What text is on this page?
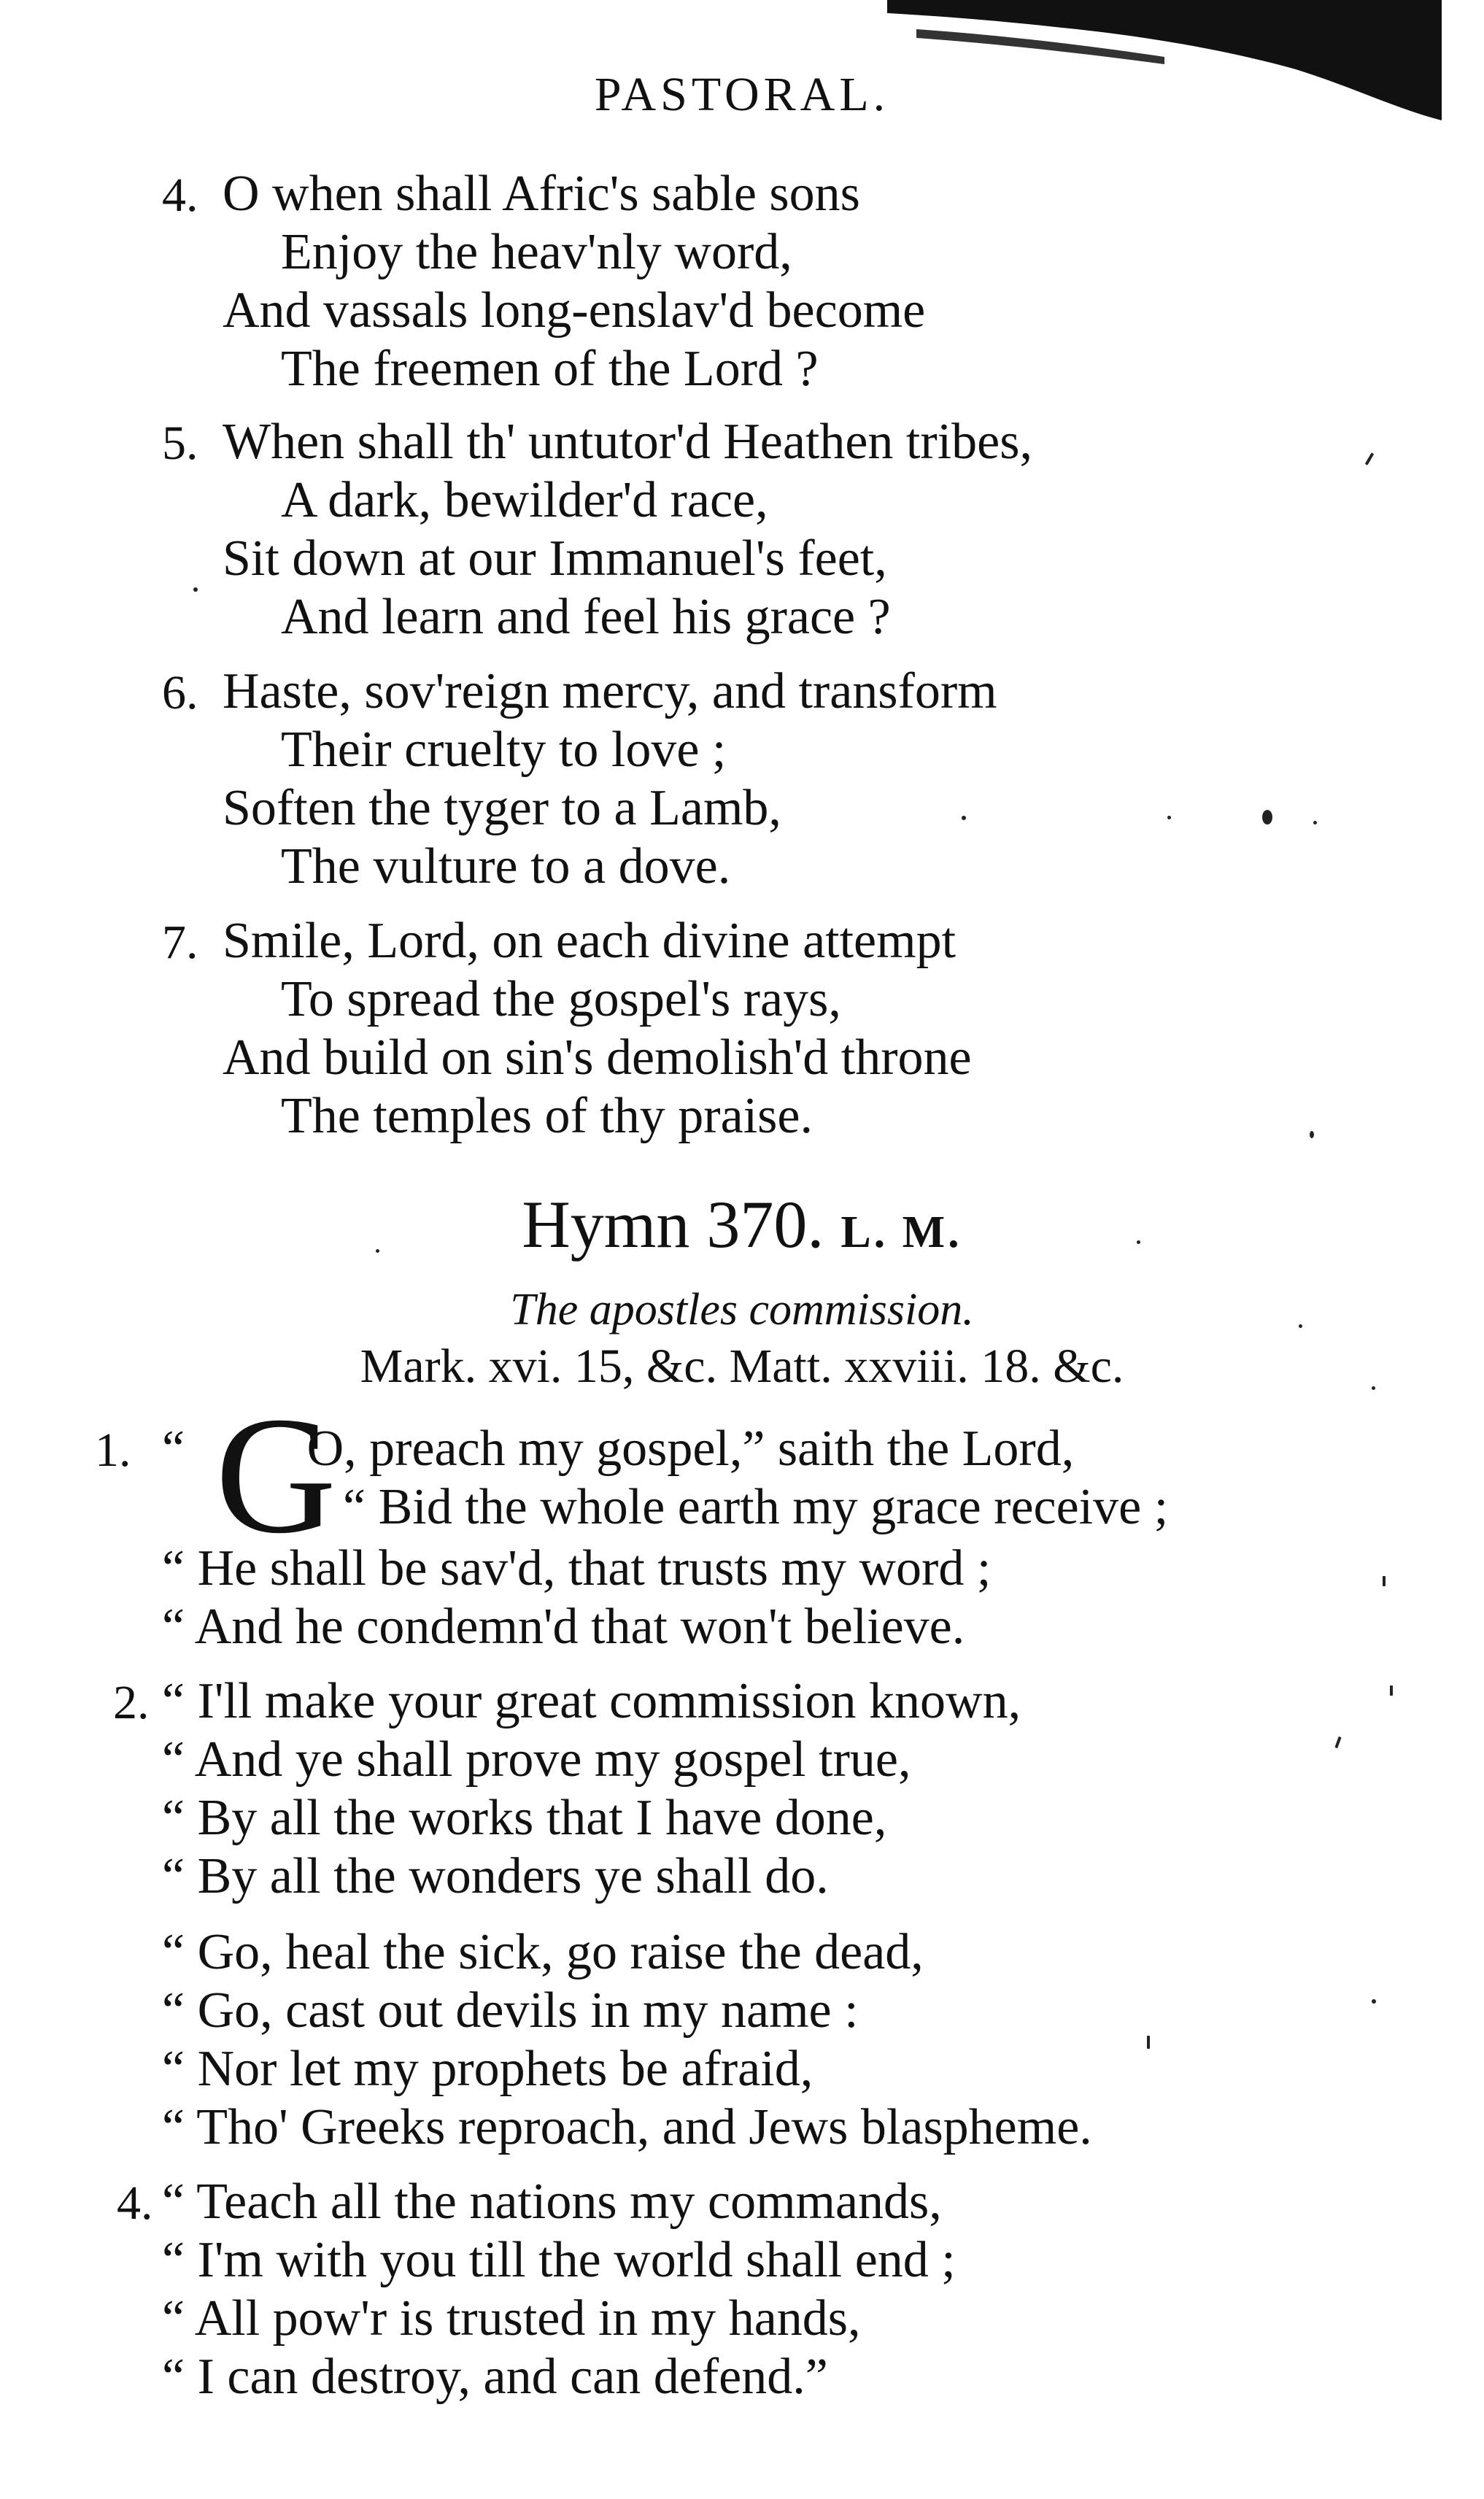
PASTORAL.
4. O when shall Afric's sable sons
Enjoy the heav'nly word,
And vassals long-enslav'd become
The freemen of the Lord ?
5. When shall th' untutor'd Heathen tribes,
A dark, bewilder'd race,
Sit down at our Immanuel's feet,
And learn and feel his grace ?
6. Haste, sov'reign mercy, and transform
Their cruelty to love ;
Soften the tyger to a Lamb,
The vulture to a dove.
7. Smile, Lord, on each divine attempt
To spread the gospel's rays,
And build on sin's demolish'd throne
The temples of thy praise.
Hymn 370. L. M.
The apostles commission.
Mark. xvi. 15, &c. Matt. xxviii. 18. &c.
1. G
“ O, preach my gospel,” saith the Lord,
“ Bid the whole earth my grace receive ;
“ He shall be sav'd, that trusts my word ;
“ And he condemn'd that won't believe.
2. “ I'll make your great commission known,
“ And ye shall prove my gospel true,
“ By all the works that I have done,
“ By all the wonders ye shall do.
“ Go, heal the sick, go raise the dead,
“ Go, cast out devils in my name :
“ Nor let my prophets be afraid,
“ Tho' Greeks reproach, and Jews blaspheme.
4. “ Teach all the nations my commands,
“ I'm with you till the world shall end ;
“ All pow'r is trusted in my hands,
“ I can destroy, and can defend.”
